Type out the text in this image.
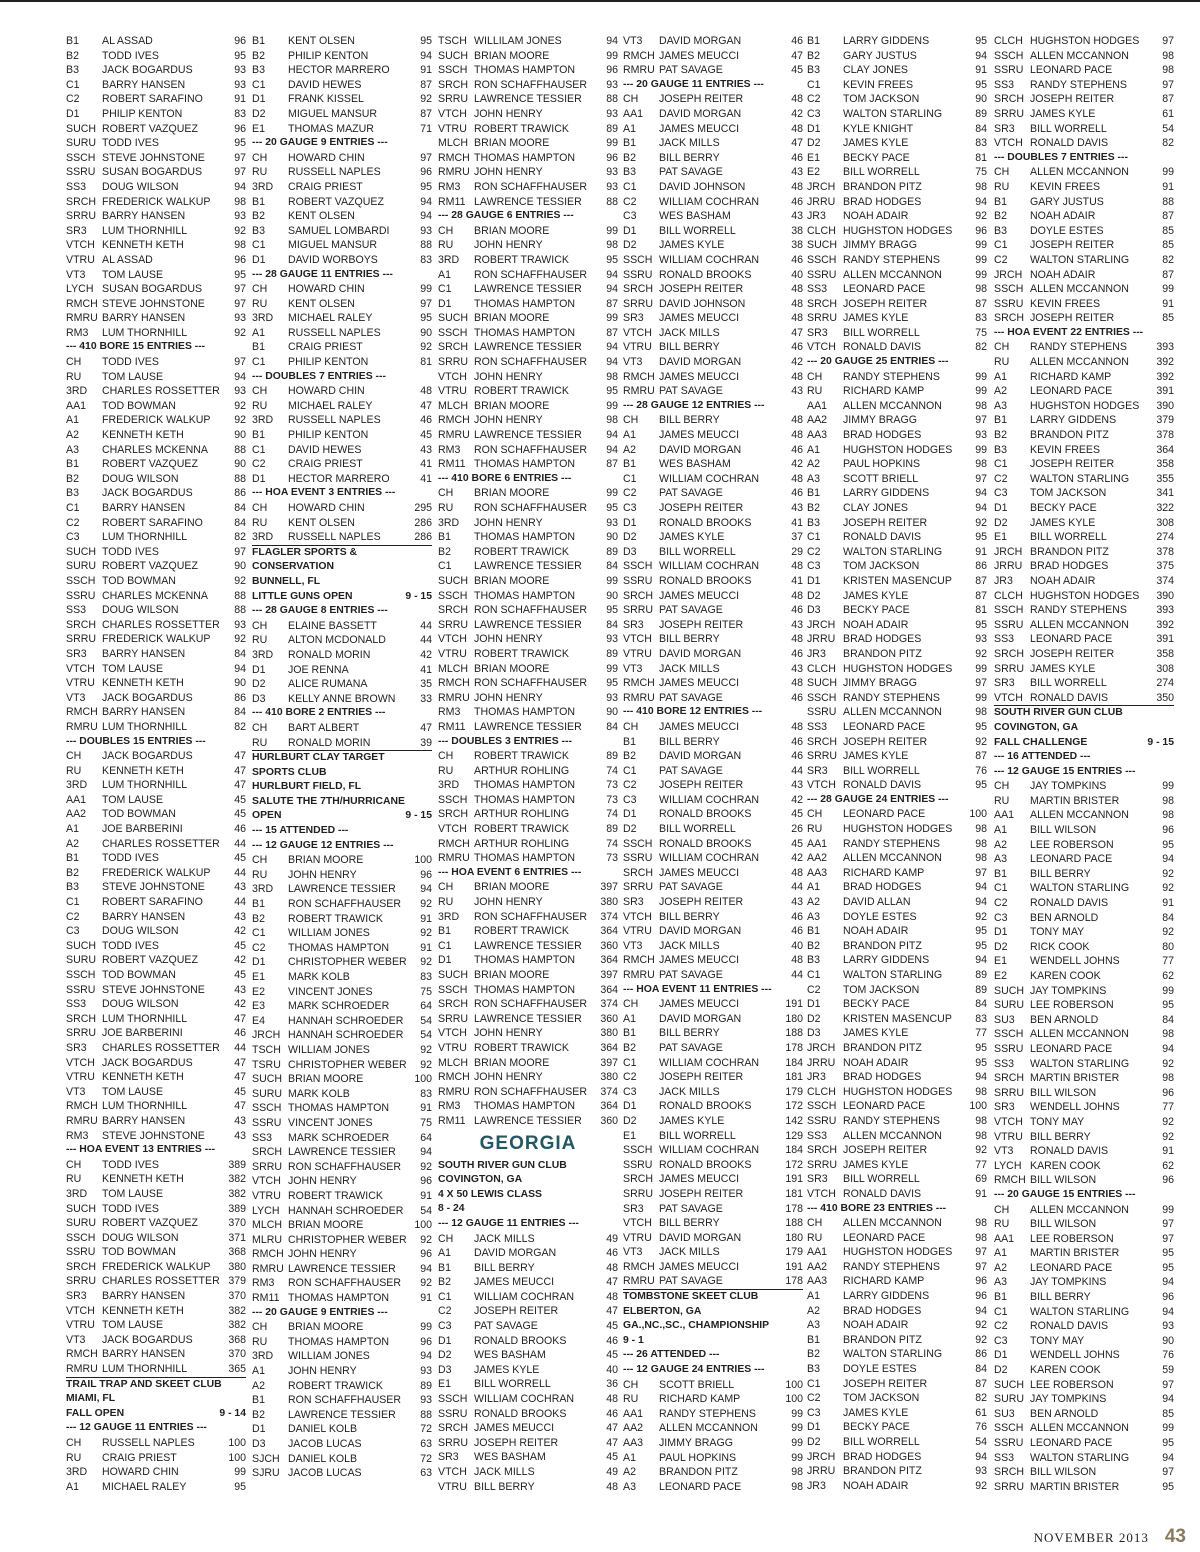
B1	AL ASSAD	96
B2	TODD IVES	95
B3	JACK BOGARDUS	93
C1	BARRY HANSEN	93
C2	ROBERT SARAFINO	91
D1	PHILIP KENTON	83
SUCH ROBERT VAZQUEZ	96
SURU TODD IVES	95
SSCH STEVE JOHNSTONE	97
SSRU SUSAN BOGARDUS	97
SS3	DOUG WILSON	94
SRCH FREDERICK WALKUP	98
SRRU BARRY HANSEN	93
SR3	LUM THORNHILL	92
VTCH KENNETH KETH	98
VTRU AL ASSAD	96
VT3	TOM LAUSE	95
LYCH SUSAN BOGARDUS	97
RMCH STEVE JOHNSTONE	97
RMRU BARRY HANSEN	93
RM3	LUM THORNHILL	92
--- 410 BORE 15 ENTRIES ---
CH	TODD IVES	97
RU	TOM LAUSE	94
3RD	CHARLES ROSSETTER	93
AA1	TOD BOWMAN	92
A1	FREDERICK WALKUP	92
A2	KENNETH KETH	90
A3	CHARLES MCKENNA	88
B1	ROBERT VAZQUEZ	90
B2	DOUG WILSON	88
B3	JACK BOGARDUS	86
C1	BARRY HANSEN	84
C2	ROBERT SARAFINO	84
C3	LUM THORNHILL	82
SUCH TODD IVES	97
SURU ROBERT VAZQUEZ	90
SSCH TOD BOWMAN	92
SSRU CHARLES MCKENNA	88
SS3	DOUG WILSON	88
SRCH CHARLES ROSSETTER	93
SRRU FREDERICK WALKUP	92
SR3	BARRY HANSEN	84
VTCH TOM LAUSE	94
VTRU KENNETH KETH	90
VT3	JACK BOGARDUS	86
RMCH BARRY HANSEN	84
RMRU LUM THORNHILL	82
--- DOUBLES 15 ENTRIES ---
CH	JACK BOGARDUS	47
RU	KENNETH KETH	47
3RD	LUM THORNHILL	47
AA1	TOM LAUSE	45
AA2	TOD BOWMAN	45
A1	JOE BARBERINI	46
A2	CHARLES ROSSETTER	44
B1	TODD IVES	45
B2	FREDERICK WALKUP	44
B3	STEVE JOHNSTONE	43
C1	ROBERT SARAFINO	44
C2	BARRY HANSEN	43
C3	DOUG WILSON	42
SUCH TODD IVES	45
SURU ROBERT VAZQUEZ	42
SSCH TOD BOWMAN	45
SSRU STEVE JOHNSTONE	43
SS3	DOUG WILSON	42
SRCH LUM THORNHILL	47
SRRU JOE BARBERINI	46
SR3	CHARLES ROSSETTER	44
VTCH JACK BOGARDUS	47
VTRU KENNETH KETH	47
VT3	TOM LAUSE	45
RMCH LUM THORNHILL	47
RMRU BARRY HANSEN	43
RM3	STEVE JOHNSTONE	43
--- HOA EVENT 13 ENTRIES ---
CH	TODD IVES	389
RU	KENNETH KETH	382
3RD	TOM LAUSE	382
SUCH TODD IVES	389
SURU ROBERT VAZQUEZ	370
SSCH DOUG WILSON	371
SSRU TOD BOWMAN	368
SRCH FREDERICK WALKUP	380
SRRU CHARLES ROSSETTER 379
SR3	BARRY HANSEN	370
VTCH KENNETH KETH	382
VTRU TOM LAUSE	382
VT3	JACK BOGARDUS	368
RMCH BARRY HANSEN	370
RMRU LUM THORNHILL	365
TRAIL TRAP AND SKEET CLUB
MIAMI, FL
FALL OPEN	9 - 14
--- 12 GAUGE 11 ENTRIES ---
CH	RUSSELL NAPLES	100
RU	CRAIG PRIEST	100
3RD	HOWARD CHIN	99
A1	MICHAEL RALEY	95
B1	KENT OLSEN	95
B2	PHILIP KENTON	94
B3	HECTOR MARRERO	91
C1	DAVID HEWES	87
D1	FRANK KISSEL	92
D2	MIGUEL MANSUR	87
E1	THOMAS MAZUR	71
--- 20 GAUGE 9 ENTRIES ---
CH	HOWARD CHIN	97
RU	RUSSELL NAPLES	96
3RD	CRAIG PRIEST	95
B1	ROBERT VAZQUEZ	94
B2	KENT OLSEN	94
B3	SAMUEL LOMBARDI	93
C1	MIGUEL MANSUR	88
D1	DAVID WORBOYS	83
--- 28 GAUGE 11 ENTRIES ---
CH	HOWARD CHIN	99
RU	KENT OLSEN	97
3RD	MICHAEL RALEY	95
A1	RUSSELL NAPLES	90
B1	CRAIG PRIEST	92
C1	PHILIP KENTON	81
--- DOUBLES 7 ENTRIES ---
CH	HOWARD CHIN	48
RU	MICHAEL RALEY	47
3RD	RUSSELL NAPLES	46
B1	PHILIP KENTON	45
C1	DAVID HEWES	43
C2	CRAIG PRIEST	41
D1	HECTOR MARRERO	41
--- HOA EVENT 3 ENTRIES ---
CH	HOWARD CHIN	295
RU	KENT OLSEN	286
3RD	RUSSELL NAPLES	286
FLAGLER SPORTS &
CONSERVATION
BUNNELL, FL
LITTLE GUNS OPEN	9 - 15
--- 28 GAUGE 8 ENTRIES ---
CH	ELAINE BASSETT	44
RU	ALTON MCDONALD	44
3RD	RONALD MORIN	42
D1	JOE RENNA	41
D2	ALICE RUMANA	35
D3	KELLY ANNE BROWN	33
--- 410 BORE 2 ENTRIES ---
CH	BART ALBERT	47
RU	RONALD MORIN	39
HURLBURT CLAY TARGET
SPORTS CLUB
HURLBURT FIELD, FL
SALUTE THE 7TH/HURRICANE
OPEN	9 - 15
--- 15 ATTENDED ---
--- 12 GAUGE 12 ENTRIES ---
CH	BRIAN MOORE	100
RU	JOHN HENRY	96
3RD	LAWRENCE TESSIER	94
B1	RON SCHAFFHAUSER	92
B2	ROBERT TRAWICK	91
C1	WILLIAM JONES	92
C2	THOMAS HAMPTON	91
D1	CHRISTOPHER WEBER	92
E1	MARK KOLB	83
E2	VINCENT JONES	75
E3	MARK SCHROEDER	64
E4	HANNAH SCHROEDER	54
JRCH HANNAH SCHROEDER	54
TSCH WILLIAM JONES	92
TSRU CHRISTOPHER WEBER	92
SUCH BRIAN MOORE	100
SURU MARK KOLB	83
SSCH THOMAS HAMPTON	91
SSRU VINCENT JONES	75
SS3	MARK SCHROEDER	64
SRCH LAWRENCE TESSIER	94
SRRU RON SCHAFFHAUSER	92
VTCH JOHN HENRY	96
VTRU ROBERT TRAWICK	91
LYCH HANNAH SCHROEDER	54
MLCH BRIAN MOORE	100
MLRU CHRISTOPHER WEBER	92
RMCH JOHN HENRY	96
RMRU LAWRENCE TESSIER	94
RM3	RON SCHAFFHAUSER	92
RM11 THOMAS HAMPTON	91
--- 20 GAUGE 9 ENTRIES ---
CH	BRIAN MOORE	99
RU	THOMAS HAMPTON	96
3RD	WILLIAM JONES	94
A1	JOHN HENRY	93
A2	ROBERT TRAWICK	89
B1	RON SCHAFFHAUSER	93
B2	LAWRENCE TESSIER	88
D1	DANIEL KOLB	72
D3	JACOB LUCAS	63
SJCH DANIEL KOLB	72
SJRU JACOB LUCAS	63
TSCH WILLILAM JONES	94
SUCH BRIAN MOORE	99
SSCH THOMAS HAMPTON	96
SRCH RON SCHAFFHAUSER	93
SRRU LAWRENCE TESSIER	88
VTCH JOHN HENRY	93
VTRU ROBERT TRAWICK	89
MLCH BRIAN MOORE	99
RMCH THOMAS HAMPTON	96
RMRU JOHN HENRY	93
RM3	RON SCHAFFHAUSER	93
RM11 LAWRENCE TESSIER	88
--- 28 GAUGE 6 ENTRIES ---
CH	BRIAN MOORE	99
RU	JOHN HENRY	98
3RD	ROBERT TRAWICK	95
A1	RON SCHAFFHAUSER	94
C1	LAWRENCE TESSIER	94
D1	THOMAS HAMPTON	87
SUCH BRIAN MOORE	99
SSCH THOMAS HAMPTON	87
SRCH LAWRENCE TESSIER	94
SRRU RON SCHAFFHAUSER	94
VTCH JOHN HENRY	98
VTRU ROBERT TRAWICK	95
MLCH BRIAN MOORE	99
RMCH JOHN HENRY	98
RMRU LAWRENCE TESSIER	94
RM3	RON SCHAFFHAUSER	94
RM11 THOMAS HAMPTON	87
--- 410 BORE 6 ENTRIES ---
CH	BRIAN MOORE	99
RU	RON SCHAFFHAUSER	95
3RD	JOHN HENRY	93
B1	THOMAS HAMPTON	90
B2	ROBERT TRAWICK	89
C1	LAWRENCE TESSIER	84
SUCH BRIAN MOORE	99
SSCH THOMAS HAMPTON	90
SRCH RON SCHAFFHAUSER	95
SRRU LAWRENCE TESSIER	84
VTCH JOHN HENRY	93
VTRU ROBERT TRAWICK	89
MLCH BRIAN MOORE	99
RMCH RON SCHAFFHAUSER	95
RMRU JOHN HENRY	93
RM3	THOMAS HAMPTON	90
RM11 LAWRENCE TESSIER	84
--- DOUBLES 3 ENTRIES ---
CH	ROBERT TRAWICK	89
RU	ARTHUR ROHLING	74
3RD	THOMAS HAMPTON	73
SSCH THOMAS HAMPTON	73
SRCH ARTHUR ROHLING	74
VTCH ROBERT TRAWICK	89
RMCH ARTHUR ROHLING	74
RMRU THOMAS HAMPTON	73
--- HOA EVENT 6 ENTRIES ---
CH	BRIAN MOORE	397
RU	JOHN HENRY	380
3RD	RON SCHAFFHAUSER	374
B1	ROBERT TRAWICK	364
C1	LAWRENCE TESSIER	360
D1	THOMAS HAMPTON	364
SUCH BRIAN MOORE	397
SSCH THOMAS HAMPTON	364
SRCH RON SCHAFFHAUSER	374
SRRU LAWRENCE TESSIER	360
VTCH JOHN HENRY	380
VTRU ROBERT TRAWICK	364
MLCH BRIAN MOORE	397
RMCH JOHN HENRY	380
RMRU RON SCHAFFHAUSER	374
RM3	THOMAS HAMPTON	364
RM11 LAWRENCE TESSIER	360
GEORGIA
SOUTH RIVER GUN CLUB
COVINGTON, GA
4 X 50 LEWIS CLASS
8 - 24
--- 12 GAUGE 11 ENTRIES ---
CH	JACK MILLS	49
A1	DAVID MORGAN	46
B1	BILL BERRY	48
B2	JAMES MEUCCI	47
C1	WILLIAM COCHRAN	48
C2	JOSEPH REITER	47
C3	PAT SAVAGE	45
D1	RONALD BROOKS	46
D2	WES BASHAM	45
D3	JAMES KYLE	40
E1	BILL WORRELL	36
SSCH WILLIAM COCHRAN	48
SSRU RONALD BROOKS	46
SRCH JAMES MEUCCI	47
SRRU JOSEPH REITER	47
SR3	WES BASHAM	45
VTCH JACK MILLS	49
VTRU BILL BERRY	48
VT3	DAVID MORGAN	46
RMCH JAMES MEUCCI	47
RMRU PAT SAVAGE	45
--- 20 GAUGE 11 ENTRIES ---
CH	JOSEPH REITER	48
AA1	DAVID MORGAN	42
A1	JAMES MEUCCI	48
B1	JACK MILLS	47
B2	BILL BERRY	46
B3	PAT SAVAGE	43
C1	DAVID JOHNSON	48
C2	WILLIAM COCHRAN	46
C3	WES BASHAM	43
D1	BILL WORRELL	38
D2	JAMES KYLE	38
SSCH WILLIAM COCHRAN	46
SSRU RONALD BROOKS	40
SRCH JOSEPH REITER	48
SRRU DAVID JOHNSON	48
SR3	JAMES MEUCCI	48
VTCH JACK MILLS	47
VTRU BILL BERRY	46
VT3	DAVID MORGAN	42
RMCH JAMES MEUCCI	48
RMRU PAT SAVAGE	43
--- 28 GAUGE 12 ENTRIES ---
CH	BILL BERRY	48
A1	JAMES MEUCCI	48
A2	DAVID MORGAN	46
B1	WES BASHAM	42
C1	WILLIAM COCHRAN	48
C2	PAT SAVAGE	46
C3	JOSEPH REITER	43
D1	RONALD BROOKS	41
D2	JAMES KYLE	37
D3	BILL WORRELL	29
SSCH WILLIAM COCHRAN	48
SSRU RONALD BROOKS	41
SRCH JAMES MEUCCI	48
SRRU PAT SAVAGE	46
SR3	JOSEPH REITER	43
VTCH BILL BERRY	48
VTRU DAVID MORGAN	46
VT3	JACK MILLS	43
RMCH JAMES MEUCCI	48
RMRU PAT SAVAGE	46
--- 410 BORE 12 ENTRIES ---
CH	JAMES MEUCCI	48
B1	BILL BERRY	46
B2	DAVID MORGAN	46
C1	PAT SAVAGE	44
C2	JOSEPH REITER	43
C3	WILLIAM COCHRAN	42
D1	RONALD BROOKS	45
D2	BILL WORRELL	26
SSCH RONALD BROOKS	45
SSRU WILLIAM COCHRAN	42
SRCH JAMES MEUCCI	48
SRRU PAT SAVAGE	44
SR3	JOSEPH REITER	43
VTCH BILL BERRY	46
VTRU DAVID MORGAN	46
VT3	JACK MILLS	40
RMCH JAMES MEUCCI	48
RMRU PAT SAVAGE	44
--- HOA EVENT 11 ENTRIES ---
CH	JAMES MEUCCI	191
A1	DAVID MORGAN	180
B1	BILL BERRY	188
B2	PAT SAVAGE	178
C1	WILLIAM COCHRAN	184
C2	JOSEPH REITER	181
C3	JACK MILLS	179
D1	RONALD BROOKS	172
D2	JAMES KYLE	142
E1	BILL WORRELL	129
SSCH WILLIAM COCHRAN	184
SSRU RONALD BROOKS	172
SRCH JAMES MEUCCI	191
SRRU JOSEPH REITER	181
SR3	PAT SAVAGE	178
VTCH BILL BERRY	188
VTRU DAVID MORGAN	180
VT3	JACK MILLS	179
RMCH JAMES MEUCCI	191
RMRU PAT SAVAGE	178
TOMBSTONE SKEET CLUB
ELBERTON, GA
GA.,NC.,SC., CHAMPIONSHIP
9 - 1
--- 26 ATTENDED ---
--- 12 GAUGE 24 ENTRIES ---
CH	SCOTT BRIELL	100
RU	RICHARD KAMP	100
AA1	RANDY STEPHENS	99
AA2	ALLEN MCCANNON	99
AA3	JIMMY BRAGG	99
A1	PAUL HOPKINS	99
A2	BRANDON PITZ	98
A3	LEONARD PACE	98
B1	LARRY GIDDENS	95
B2	GARY JUSTUS	94
B3	CLAY JONES	91
C1	KEVIN FREES	95
C2	TOM JACKSON	90
C3	WALTON STARLING	89
D1	KYLE KNIGHT	84
D2	JAMES KYLE	83
E1	BECKY PACE	81
E2	BILL WORRELL	75
JRCH BRANDON PITZ	98
JRRU BRAD HODGES	94
JR3	NOAH ADAIR	92
CLCH HUGHSTON HODGES	96
SUCH JIMMY BRAGG	99
SSCH RANDY STEPHENS	99
SSRU ALLEN MCCANNON	99
SS3	LEONARD PACE	98
SRCH JOSEPH REITER	87
SRRU JAMES KYLE	83
SR3	BILL WORRELL	75
VTCH RONALD DAVIS	82
--- 20 GAUGE 25 ENTRIES ---
CH	RANDY STEPHENS	99
RU	RICHARD KAMP	99
AA1	ALLEN MCCANNON	98
AA2	JIMMY BRAGG	97
AA3	BRAD HODGES	93
A1	HUGHSTON HODGES	99
A2	PAUL HOPKINS	98
A3	SCOTT BRIELL	97
B1	LARRY GIDDENS	94
B2	CLAY JONES	94
B3	JOSEPH REITER	92
C1	RONALD DAVIS	95
C2	WALTON STARLING	91
C3	TOM JACKSON	86
D1	KRISTEN MASENCUP	87
D2	JAMES KYLE	87
D3	BECKY PACE	81
JRCH NOAH ADAIR	95
JRRU BRAD HODGES	93
JR3	BRANDON PITZ	92
CLCH HUGHSTON HODGES	99
SUCH JIMMY BRAGG	97
SSCH RANDY STEPHENS	99
SSRU ALLEN MCCANNON	98
SS3	LEONARD PACE	95
SRCH JOSEPH REITER	92
SRRU JAMES KYLE	87
SR3	BILL WORRELL	76
VTCH RONALD DAVIS	95
--- 28 GAUGE 24 ENTRIES ---
CH	LEONARD PACE	100
RU	HUGHSTON HODGES	98
AA1	RANDY STEPHENS	98
AA2	ALLEN MCCANNON	98
AA3	RICHARD KAMP	97
A1	BRAD HODGES	94
A2	DAVID ALLAN	94
A3	DOYLE ESTES	92
B1	NOAH ADAIR	95
B2	BRANDON PITZ	95
B3	LARRY GIDDENS	94
C1	WALTON STARLING	89
C2	TOM JACKSON	89
D1	BECKY PACE	84
D2	KRISTEN MASENCUP	83
D3	JAMES KYLE	77
JRCH BRANDON PITZ	95
JRRU NOAH ADAIR	95
JR3	BRAD HODGES	94
CLCH HUGHSTON HODGES	98
SSCH LEONARD PACE	100
SSRU RANDY STEPHENS	98
SS3	ALLEN MCCANNON	98
SRCH JOSEPH REITER	92
SRRU JAMES KYLE	77
SR3	BILL WORRELL	69
VTCH RONALD DAVIS	91
--- 410 BORE 23 ENTRIES ---
CH	ALLEN MCCANNON	98
RU	LEONARD PACE	98
AA1	HUGHSTON HODGES	97
AA2	RANDY STEPHENS	97
AA3	RICHARD KAMP	96
A1	LARRY GIDDENS	96
A2	BRAD HODGES	94
A3	NOAH ADAIR	92
B1	BRANDON PITZ	92
B2	WALTON STARLING	86
B3	DOYLE ESTES	84
C1	JOSEPH REITER	87
C2	TOM JACKSON	82
C3	JAMES KYLE	61
D1	BECKY PACE	76
D2	BILL WORRELL	54
JRCH BRAD HODGES	94
JRRU BRANDON PITZ	93
JR3	NOAH ADAIR	92
CLCH HUGHSTON HODGES	97
SSCH ALLEN MCCANNON	98
SSRU LEONARD PACE	98
SS3	RANDY STEPHENS	97
SRCH JOSEPH REITER	87
SRRU JAMES KYLE	61
SR3	BILL WORRELL	54
VTCH RONALD DAVIS	82
--- DOUBLES 7 ENTRIES ---
CH	ALLEN MCCANNON	99
RU	KEVIN FREES	91
B1	GARY JUSTUS	88
B2	NOAH ADAIR	87
B3	DOYLE ESTES	85
C1	JOSEPH REITER	85
C2	WALTON STARLING	82
JRCH NOAH ADAIR	87
SSCH ALLEN MCCANNON	99
SSRU KEVIN FREES	91
SRCH JOSEPH REITER	85
--- HOA EVENT 22 ENTRIES ---
CH	RANDY STEPHENS	393
RU	ALLEN MCCANNON	392
A1	RICHARD KAMP	392
A2	LEONARD PACE	391
A3	HUGHSTON HODGES	390
B1	LARRY GIDDENS	379
B2	BRANDON PITZ	378
B3	KEVIN FREES	364
C1	JOSEPH REITER	358
C2	WALTON STARLING	355
C3	TOM JACKSON	341
D1	BECKY PACE	322
D2	JAMES KYLE	308
E1	BILL WORRELL	274
JRCH BRANDON PITZ	378
JRRU BRAD HODGES	375
JR3	NOAH ADAIR	374
CLCH HUGHSTON HODGES	390
SSCH RANDY STEPHENS	393
SSRU ALLEN MCCANNON	392
SS3	LEONARD PACE	391
SRCH JOSEPH REITER	358
SRRU JAMES KYLE	308
SR3	BILL WORRELL	274
VTCH RONALD DAVIS	350
SOUTH RIVER GUN CLUB
COVINGTON, GA
FALL CHALLENGE	9 - 15
--- 16 ATTENDED ---
--- 12 GAUGE 15 ENTRIES ---
CH	JAY TOMPKINS	99
RU	MARTIN BRISTER	98
AA1	ALLEN MCCANNON	98
A1	BILL WILSON	96
A2	LEE ROBERSON	95
A3	LEONARD PACE	94
B1	BILL BERRY	92
C1	WALTON STARLING	92
C2	RONALD DAVIS	91
C3	BEN ARNOLD	84
D1	TONY MAY	92
D2	RICK COOK	80
E1	WENDELL JOHNS	77
E2	KAREN COOK	62
SUCH JAY TOMPKINS	99
SURU LEE ROBERSON	95
SU3	BEN ARNOLD	84
SSCH ALLEN MCCANNON	98
SSRU LEONARD PACE	94
SS3	WALTON STARLING	92
SRCH MARTIN BRISTER	98
SRRU BILL WILSON	96
SR3	WENDELL JOHNS	77
VTCH TONY MAY	92
VTRU BILL BERRY	92
VT3	RONALD DAVIS	91
LYCH KAREN COOK	62
RMCH BILL WILSON	96
--- 20 GAUGE 15 ENTRIES ---
CH	ALLEN MCCANNON	99
RU	BILL WILSON	97
AA1	LEE ROBERSON	97
A1	MARTIN BRISTER	95
A2	LEONARD PACE	95
A3	JAY TOMPKINS	94
B1	BILL BERRY	96
C1	WALTON STARLING	94
C2	RONALD DAVIS	93
C3	TONY MAY	90
D1	WENDELL JOHNS	76
D2	KAREN COOK	59
SUCH LEE ROBERSON	97
SURU JAY TOMPKINS	94
SU3	BEN ARNOLD	85
SSCH ALLEN MCCANNON	99
SSRU LEONARD PACE	95
SS3	WALTON STARLING	94
SRCH BILL WILSON	97
SRRU MARTIN BRISTER	95
NOVEMBER 2013 43
